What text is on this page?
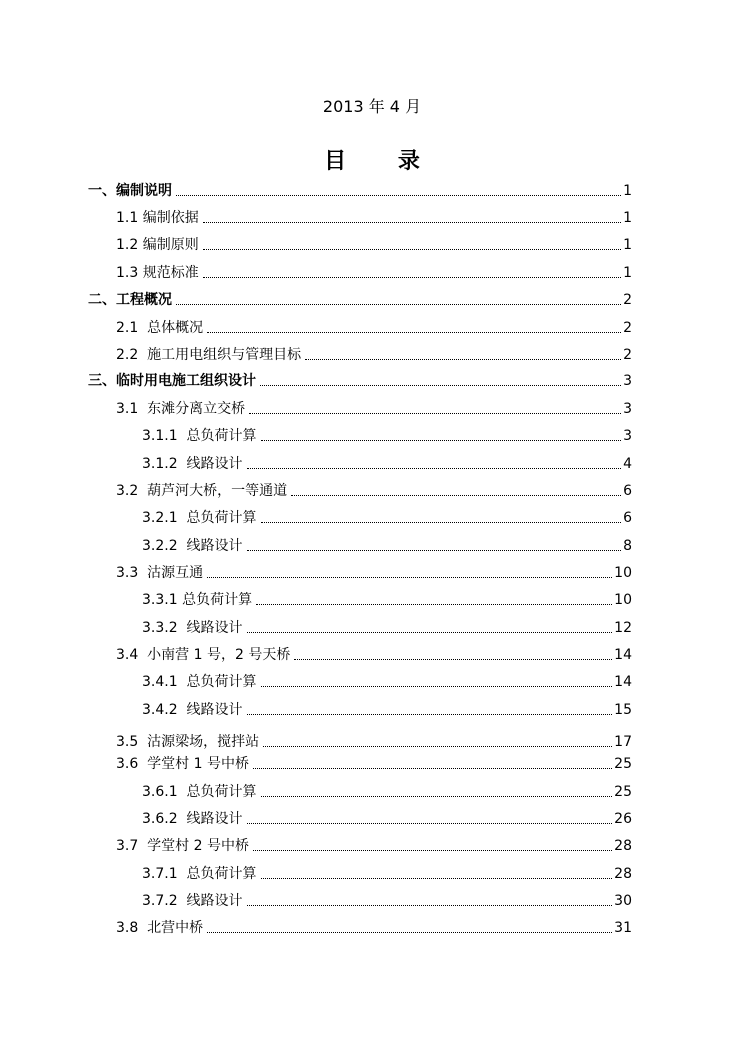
2013 年 4 月
目 录
一、编制说明	1
1.1 编制依据	1
1.2 编制原则	1
1.3 规范标准	1
二、工程概况	2
2.1  总体概况	2
2.2  施工用电组织与管理目标	2
三、临时用电施工组织设计	3
3.1  东滩分离立交桥	3
3.1.1  总负荷计算	3
3.1.2  线路设计	4
3.2  葫芦河大桥，一等通道	6
3.2.1  总负荷计算	6
3.2.2  线路设计	8
3.3  沽源互通	10
3.3.1 总负荷计算	10
3.3.2  线路设计	12
3.4  小南营 1 号，2 号天桥	14
3.4.1  总负荷计算	14
3.4.2  线路设计	15
3.5  沽源梁场，搅拌站	17
3.6  学堂村 1 号中桥	25
3.6.1  总负荷计算	25
3.6.2  线路设计	26
3.7  学堂村 2 号中桥	28
3.7.1  总负荷计算	28
3.7.2  线路设计	30
3.8  北营中桥	31
